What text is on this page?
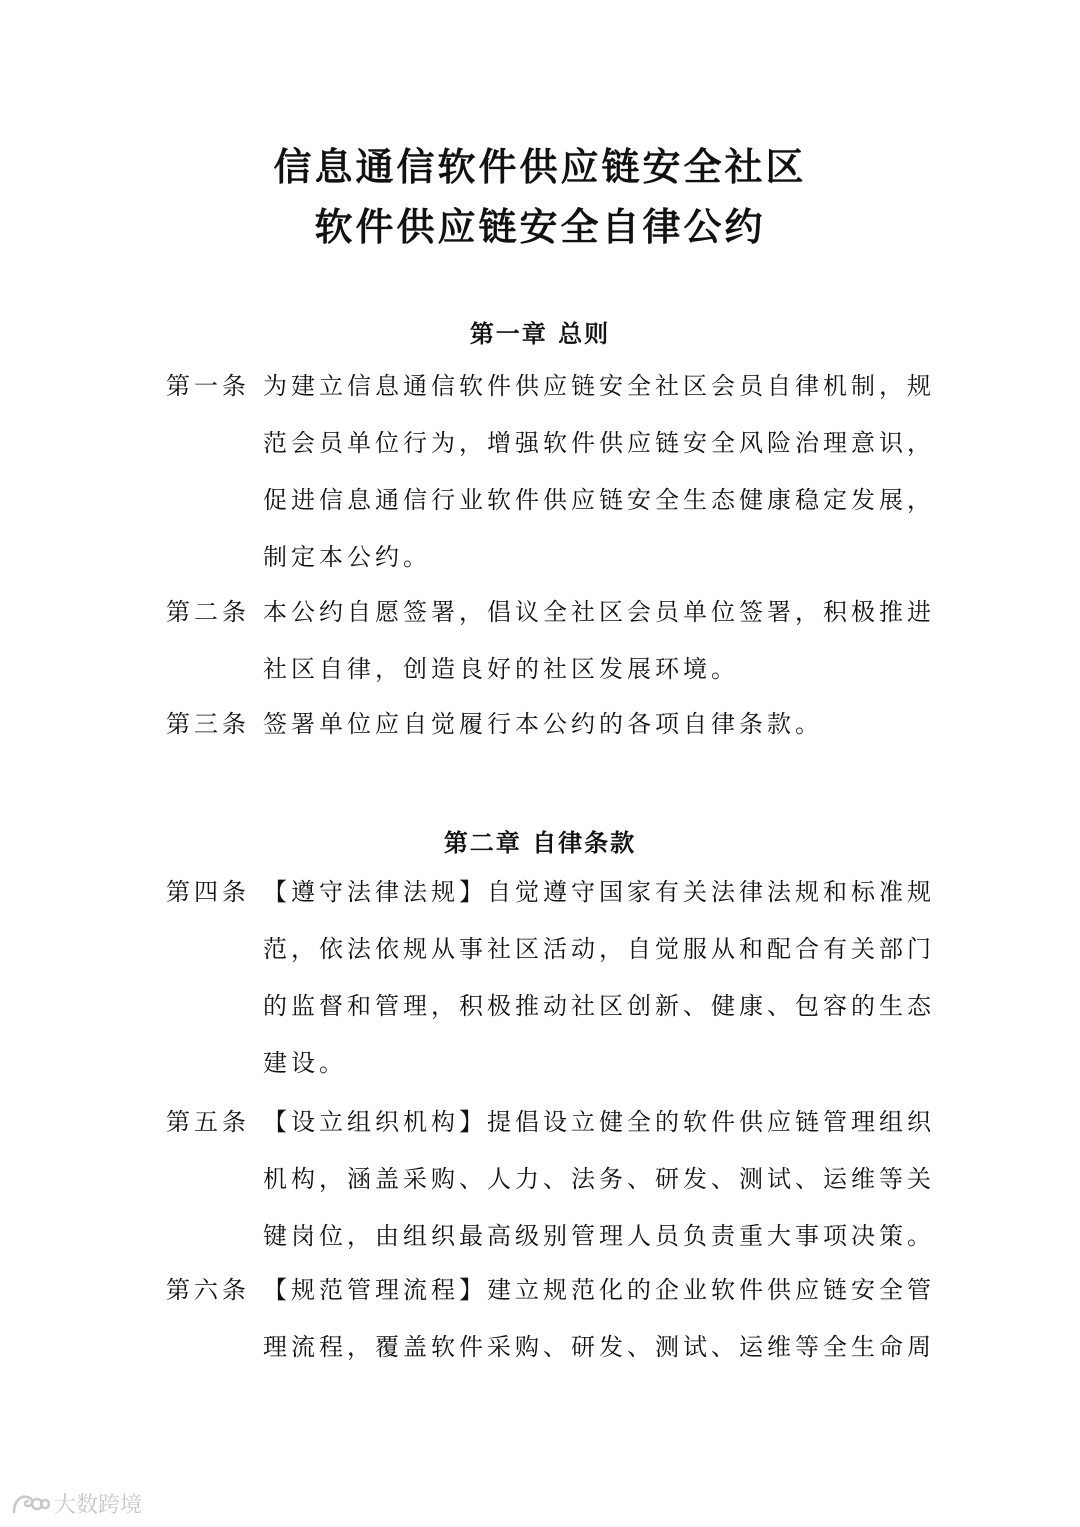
信息通信软件供应链安全社区
软件供应链安全自律公约
第一章 总则
第一条 为建立信息通信软件供应链安全社区会员自律机制，规
范会员单位行为，增强软件供应链安全风险治理意识，
促进信息通信行业软件供应链安全生态健康稳定发展，
制定本公约。
第二条 本公约自愿签署，倡议全社区会员单位签署，积极推进
社区自律，创造良好的社区发展环境。
第三条 签署单位应自觉履行本公约的各项自律条款。
第二章 自律条款
第四条 【遵守法律法规】自觉遵守国家有关法律法规和标准规
范，依法依规从事社区活动，自觉服从和配合有关部门
的监督和管理，积极推动社区创新、健康、包容的生态
建设。
第五条 【设立组织机构】提倡设立健全的软件供应链管理组织
机构，涵盖采购、人力、法务、研发、测试、运维等关
键岗位，由组织最高级别管理人员负责重大事项决策。
第六条 【规范管理流程】建立规范化的企业软件供应链安全管
理流程，覆盖软件采购、研发、测试、运维等全生命周
大数跨境
